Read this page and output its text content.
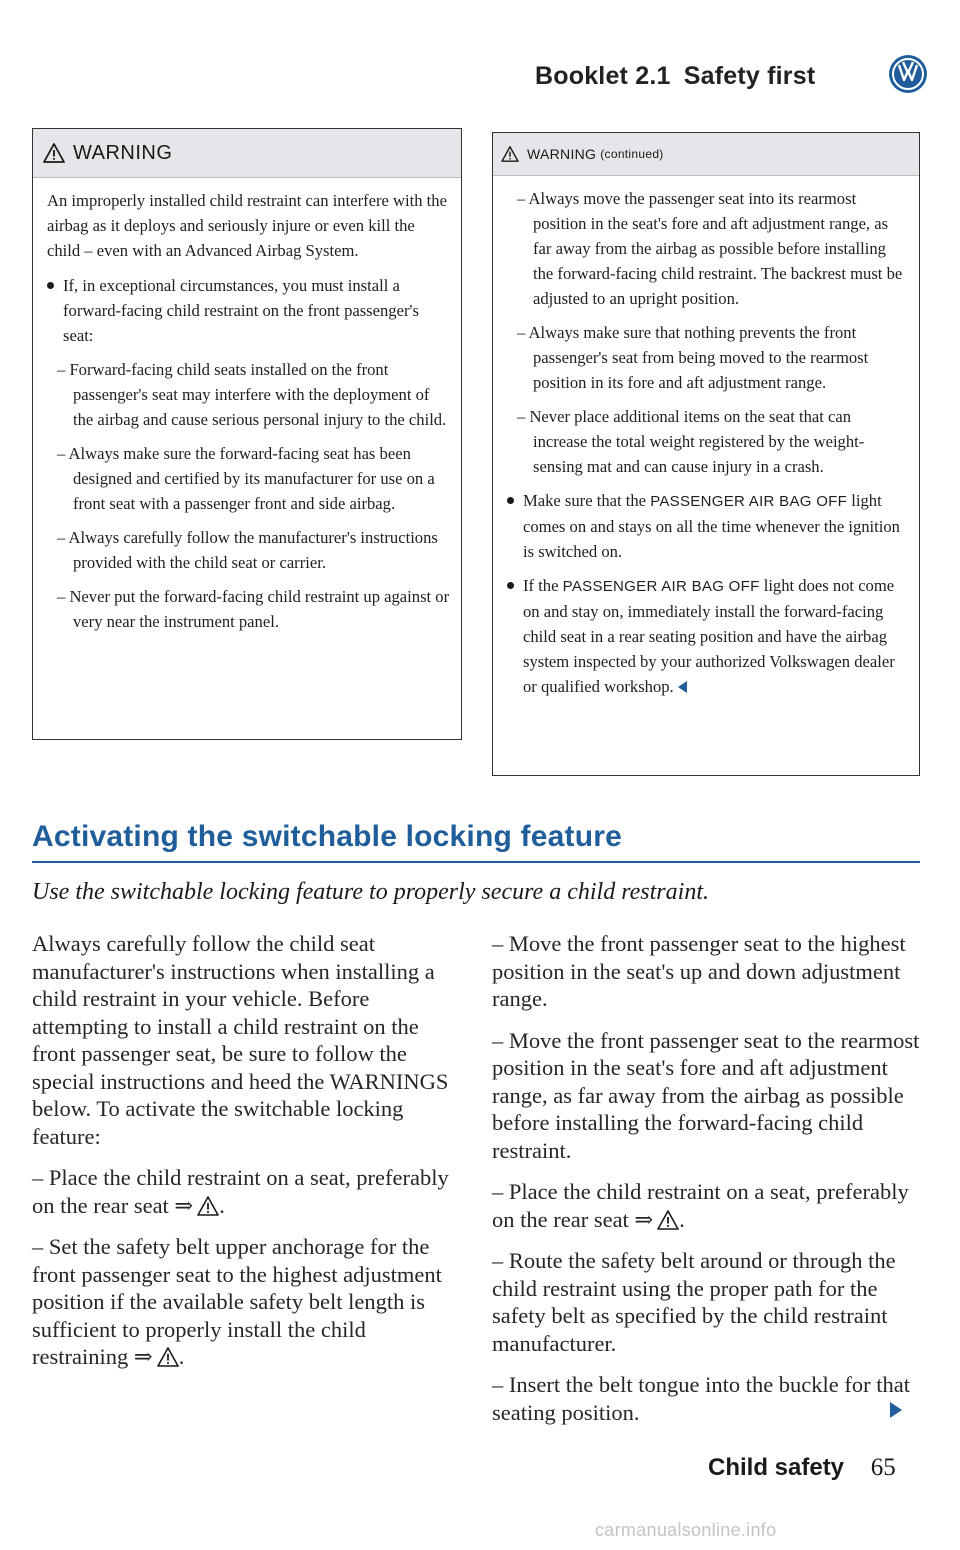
Booklet 2.1 Safety first
WARNING

An improperly installed child restraint can interfere with the airbag as it deploys and seriously injure or even kill the child – even with an Advanced Airbag System.

If, in exceptional circumstances, you must install a forward-facing child restraint on the front passenger's seat:

– Forward-facing child seats installed on the front passenger's seat may interfere with the deployment of the airbag and cause serious personal injury to the child.

– Always make sure the forward-facing seat has been designed and certified by its manufacturer for use on a front seat with a passenger front and side airbag.

– Always carefully follow the manufacturer's instructions provided with the child seat or carrier.

– Never put the forward-facing child restraint up against or very near the instrument panel.

WARNING (continued)

– Always move the passenger seat into its rearmost position in the seat's fore and aft adjustment range, as far away from the airbag as possible before installing the forward-facing child restraint. The backrest must be adjusted to an upright position.

– Always make sure that nothing prevents the front passenger's seat from being moved to the rearmost position in its fore and aft adjustment range.

– Never place additional items on the seat that can increase the total weight registered by the weight-sensing mat and can cause injury in a crash.

Make sure that the PASSENGER AIR BAG OFF light comes on and stays on all the time whenever the ignition is switched on.

If the PASSENGER AIR BAG OFF light does not come on and stay on, immediately install the forward-facing child seat in a rear seating position and have the airbag system inspected by your authorized Volkswagen dealer or qualified workshop.

Activating the switchable locking feature
Use the switchable locking feature to properly secure a child restraint.

Always carefully follow the child seat manufacturer's instructions when installing a child restraint in your vehicle. Before attempting to install a child restraint on the front passenger seat, be sure to follow the special instructions and heed the WARNINGS below. To activate the switchable locking feature:

– Place the child restraint on a seat, preferably on the rear seat ⇒ .

– Set the safety belt upper anchorage for the front passenger seat to the highest adjustment position if the available safety belt length is sufficient to properly install the child restraining ⇒ .

– Move the front passenger seat to the highest position in the seat's up and down adjustment range.

– Move the front passenger seat to the rearmost position in the seat's fore and aft adjustment range, as far away from the airbag as possible before installing the forward-facing child restraint.

– Place the child restraint on a seat, preferably on the rear seat ⇒ .

– Route the safety belt around or through the child restraint using the proper path for the safety belt as specified by the child restraint manufacturer.

– Insert the belt tongue into the buckle for that seating position.

Child safety 65
carmanualsonline.info
